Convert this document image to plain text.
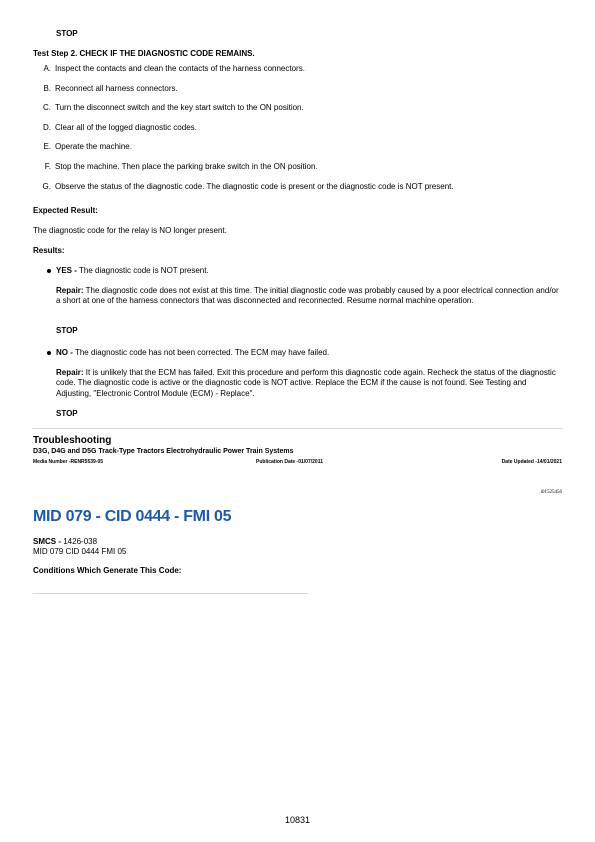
STOP
Test Step 2. CHECK IF THE DIAGNOSTIC CODE REMAINS.
A. Inspect the contacts and clean the contacts of the harness connectors.
B. Reconnect all harness connectors.
C. Turn the disconnect switch and the key start switch to the ON position.
D. Clear all of the logged diagnostic codes.
E. Operate the machine.
F. Stop the machine. Then place the parking brake switch in the ON position.
G. Observe the status of the diagnostic code. The diagnostic code is present or the diagnostic code is NOT present.
Expected Result:
The diagnostic code for the relay is NO longer present.
Results:
YES - The diagnostic code is NOT present.
Repair: The diagnostic code does not exist at this time. The initial diagnostic code was probably caused by a poor electrical connection and/or a short at one of the harness connectors that was disconnected and reconnected. Resume normal machine operation.
STOP
NO - The diagnostic code has not been corrected. The ECM may have failed.
Repair: It is unlikely that the ECM has failed. Exit this procedure and perform this diagnostic code again. Recheck the status of the diagnostic code. The diagnostic code is active or the diagnostic code is NOT active. Replace the ECM if the cause is not found. See Testing and Adjusting, "Electronic Control Module (ECM) - Replace".
STOP
Troubleshooting
D3G, D4G and D5G Track-Type Tractors Electrohydraulic Power Train Systems
Media Number -RENR5539-05	Publication Date -01/07/2011	Date Updated -14/01/2021
i01525456
MID 079 - CID 0444 - FMI 05
SMCS - 1426-038
MID 079 CID 0444 FMI 05
Conditions Which Generate This Code:
10831
